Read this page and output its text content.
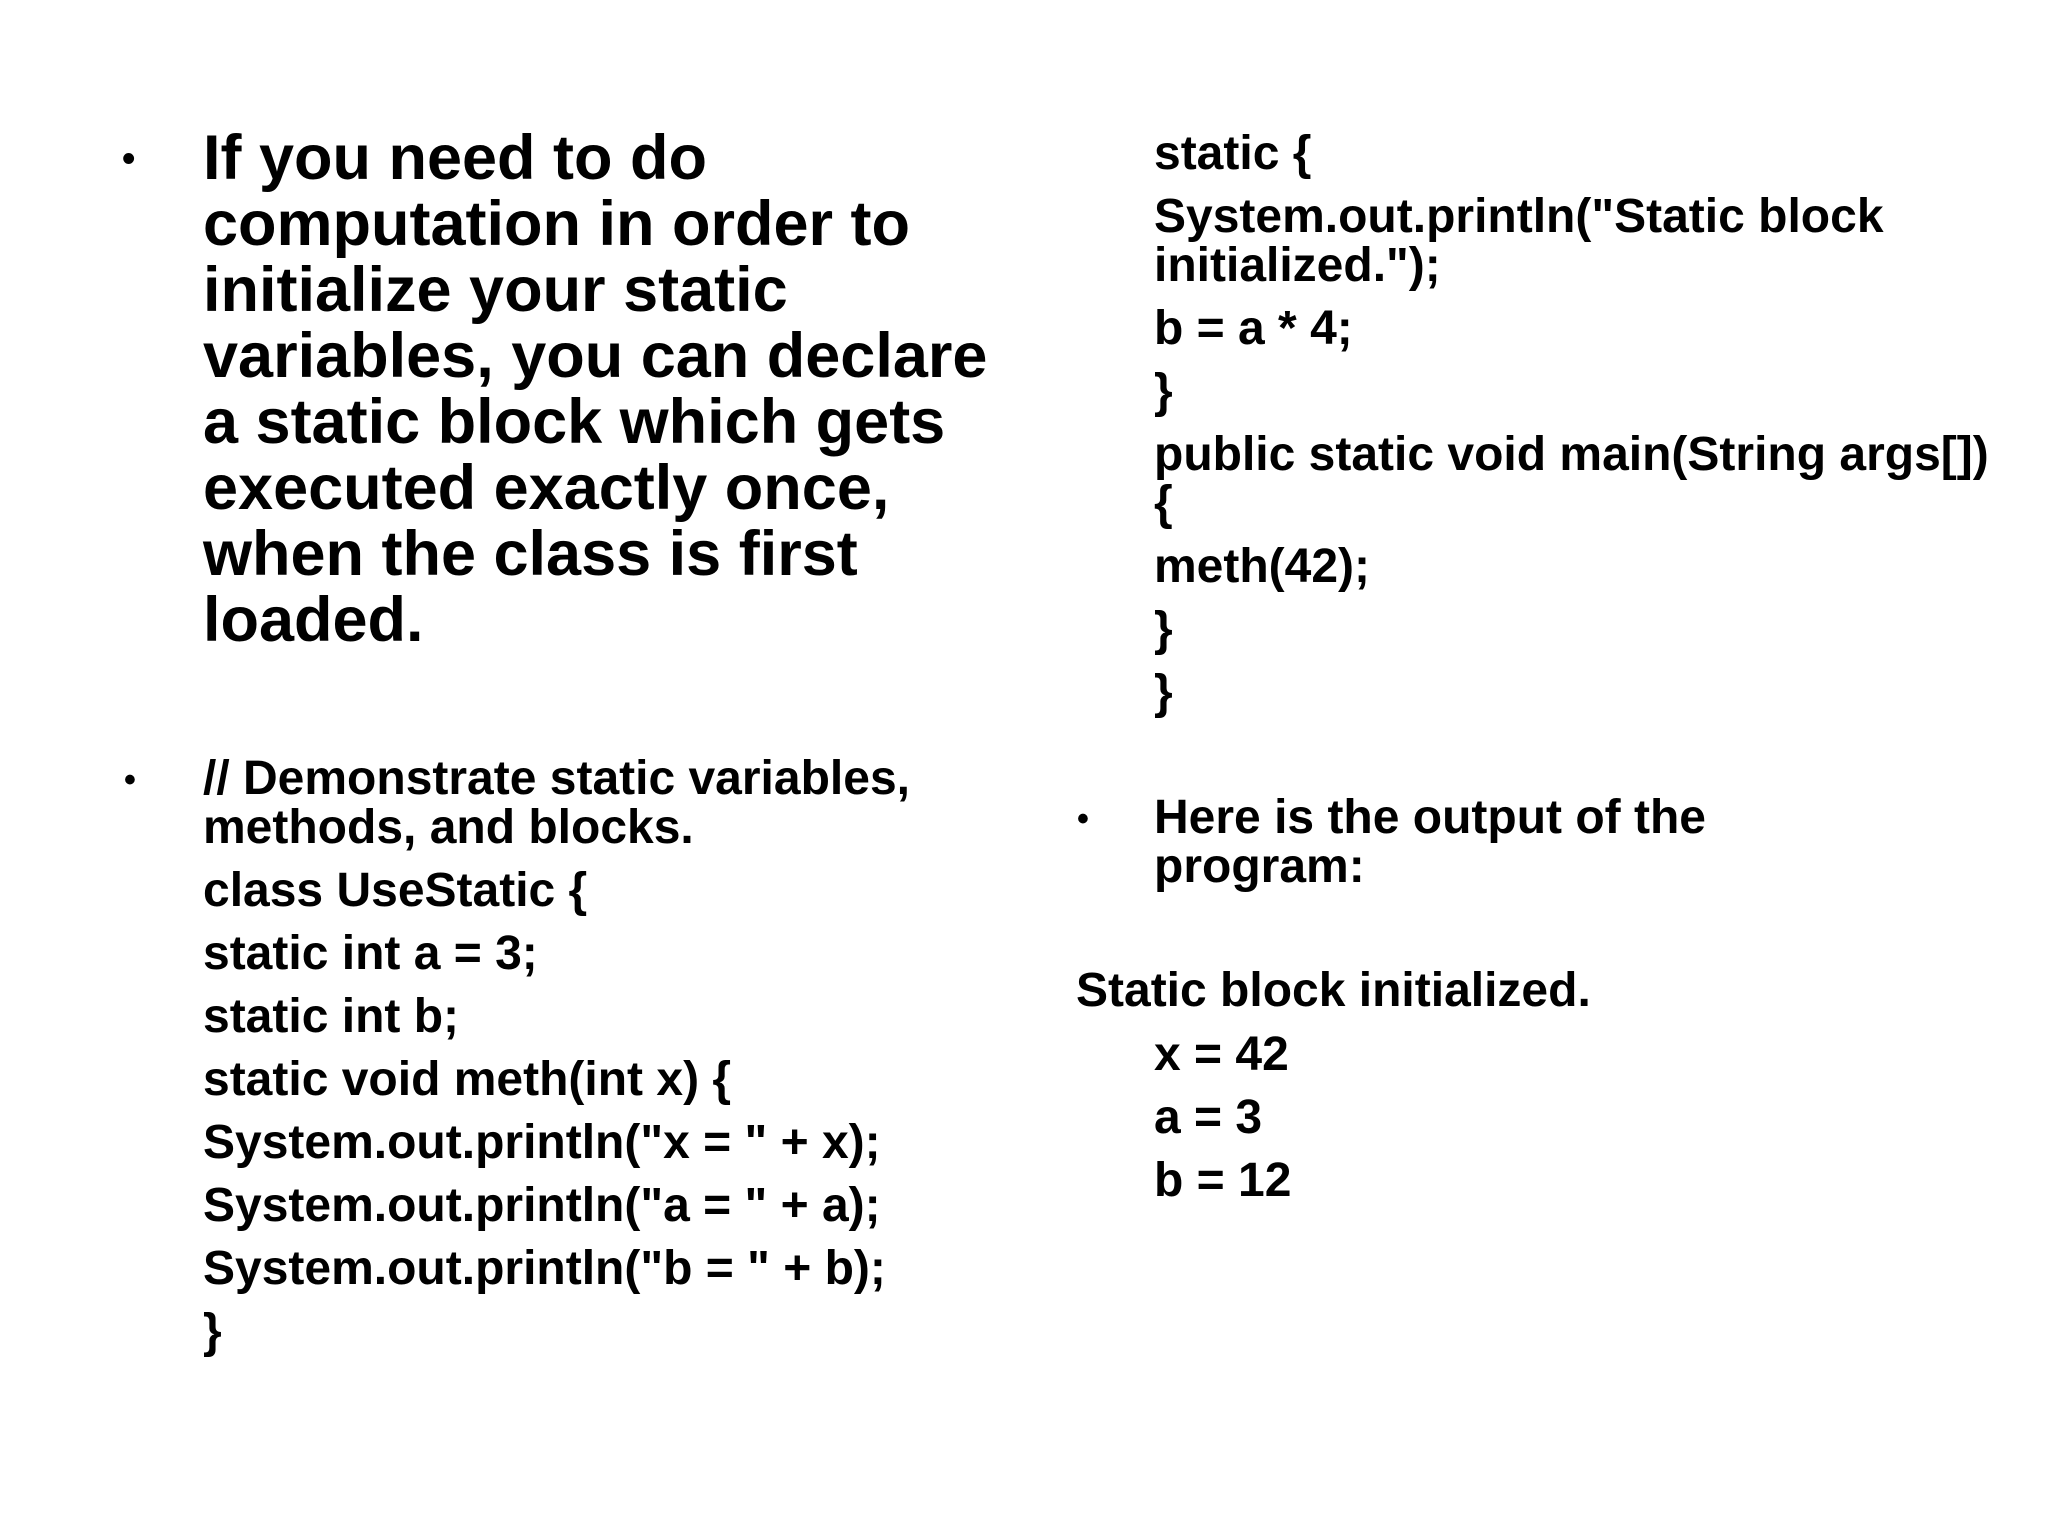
• If you need to do computation in order to initialize your static variables, you can declare a static block which gets executed exactly once, when the class is first loaded.

• // Demonstrate static variables, methods, and blocks.

class UseStatic {

static int a = 3;

static int b;

static void meth(int x) {

System.out.println("x = " + x);

System.out.println("a = " + a);

System.out.println("b = " + b);

}

static {

System.out.println("Static block initialized.");

b = a * 4;

}

public static void main(String args[]) {

meth(42);

}

}

• Here is the output of the program:

Static block initialized.

x = 42

a = 3

b = 12
